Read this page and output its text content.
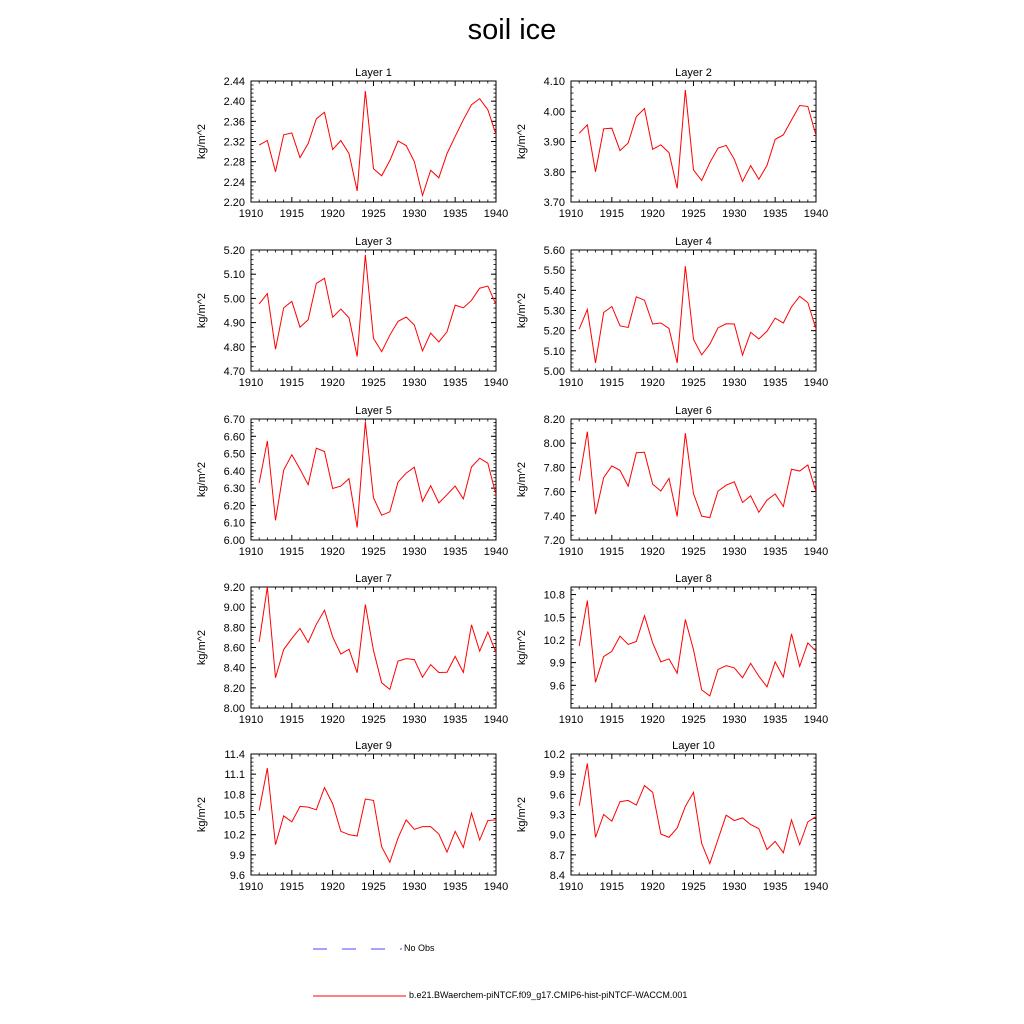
soil ice
Layer 1
kg/m^2
1910 1915 1920 1925 1930 1935 1940
2.20
2.24
2.28
2.32
2.36
2.40
2.44
Layer 2
kg/m^2
1910 1915 1920 1925 1930 1935 1940
3.70
3.80
3.90
4.00
4.10
Layer 3
kg/m^2
1910 1915 1920 1925 1930 1935 1940
4.70
4.80
4.90
5.00
5.10
5.20
Layer 4
kg/m^2
1910 1915 1920 1925 1930 1935 1940
5.00
5.10
5.20
5.30
5.40
5.50
5.60
Layer 5
kg/m^2
1910 1915 1920 1925 1930 1935 1940
6.00
6.10
6.20
6.30
6.40
6.50
6.60
6.70
Layer 6
kg/m^2
1910 1915 1920 1925 1930 1935 1940
7.20
7.40
7.60
7.80
8.00
8.20
Layer 7
kg/m^2
1910 1915 1920 1925 1930 1935 1940
8.00
8.20
8.40
8.60
8.80
9.00
9.20
Layer 8
kg/m^2
1910 1915 1920 1925 1930 1935 1940
9.6
9.9
10.2
10.5
10.8
Layer 9
kg/m^2
1910 1915 1920 1925 1930 1935 1940
9.6
9.9
10.2
10.5
10.8
11.1
11.4
Layer 10
kg/m^2
1910 1915 1920 1925 1930 1935 1940
8.4
8.7
9.0
9.3
9.6
9.9
10.2
No Obs
b.e21.BWaerchem-piNTCF.f09_g17.CMIP6-hist-piNTCF-WACCM.001
